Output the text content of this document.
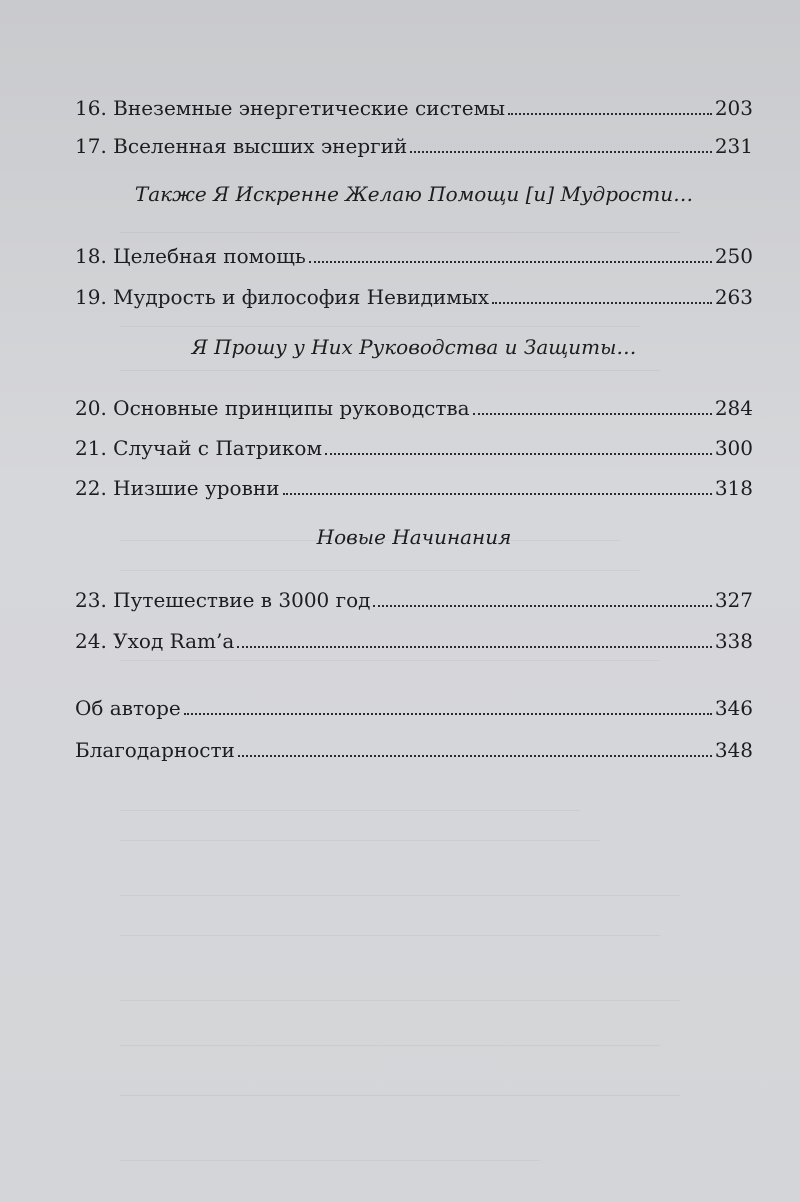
16. Внеземные энергетические системы	203
17. Вселенная высших энергий	231
Также Я Искренне Желаю Помощи [и] Мудрости…
18. Целебная помощь	250
19. Мудрость и философия Невидимых	263
Я Прошу у Них Руководства и Защиты…
20. Основные принципы руководства	284
21. Случай с Патриком	300
22. Низшие уровни	318
Новые Начинания
23. Путешествие в 3000 год	327
24. Уход Ram’a	338
Об авторе	346
Благодарности	348
